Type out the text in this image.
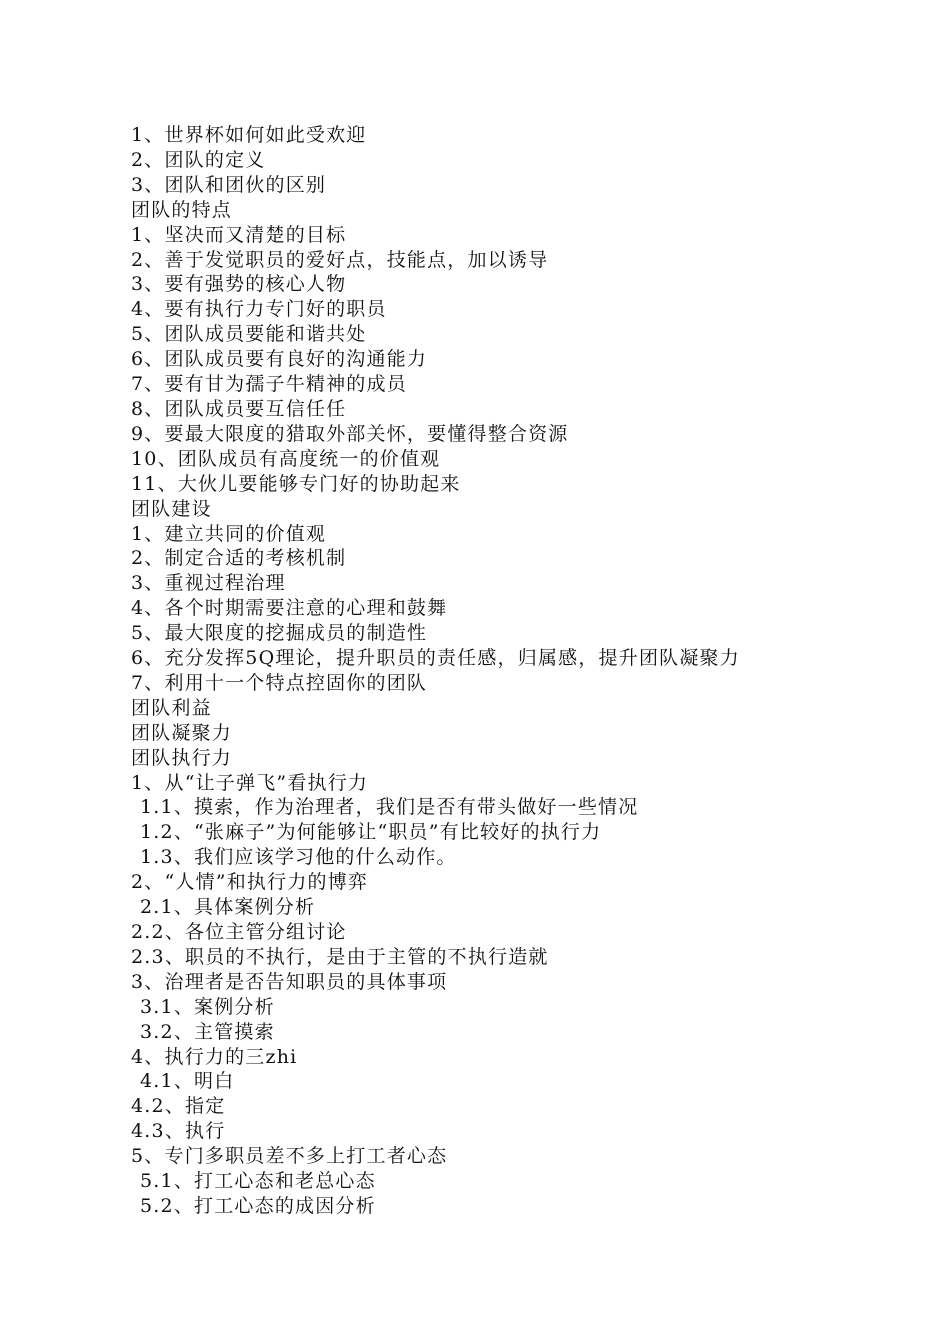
1、世界杯如何如此受欢迎
2、团队的定义
3、团队和团伙的区别
团队的特点
1、坚决而又清楚的目标
2、善于发觉职员的爱好点，技能点，加以诱导
3、要有强势的核心人物
4、要有执行力专门好的职员
5、团队成员要能和谐共处
6、团队成员要有良好的沟通能力
7、要有甘为孺子牛精神的成员
8、团队成员要互信任任
9、要最大限度的猎取外部关怀，要懂得整合资源
10、团队成员有高度统一的价值观
11、大伙儿要能够专门好的协助起来
团队建设
1、建立共同的价值观
2、制定合适的考核机制
3、重视过程治理
4、各个时期需要注意的心理和鼓舞
5、最大限度的挖掘成员的制造性
6、充分发挥5Q理论，提升职员的责任感，归属感，提升团队凝聚力
7、利用十一个特点控固你的团队
团队利益
团队凝聚力
团队执行力
1、从“让子弹飞”看执行力
1.1、摸索，作为治理者，我们是否有带头做好一些情况
1.2、“张麻子”为何能够让“职员”有比较好的执行力
1.3、我们应该学习他的什么动作。
2、“人情”和执行力的博弈
2.1、具体案例分析
2.2、各位主管分组讨论
2.3、职员的不执行，是由于主管的不执行造就
3、治理者是否告知职员的具体事项
3.1、案例分析
3.2、主管摸索
4、执行力的三zhi
4.1、明白
4.2、指定
4.3、执行
5、专门多职员差不多上打工者心态
5.1、打工心态和老总心态
5.2、打工心态的成因分析
